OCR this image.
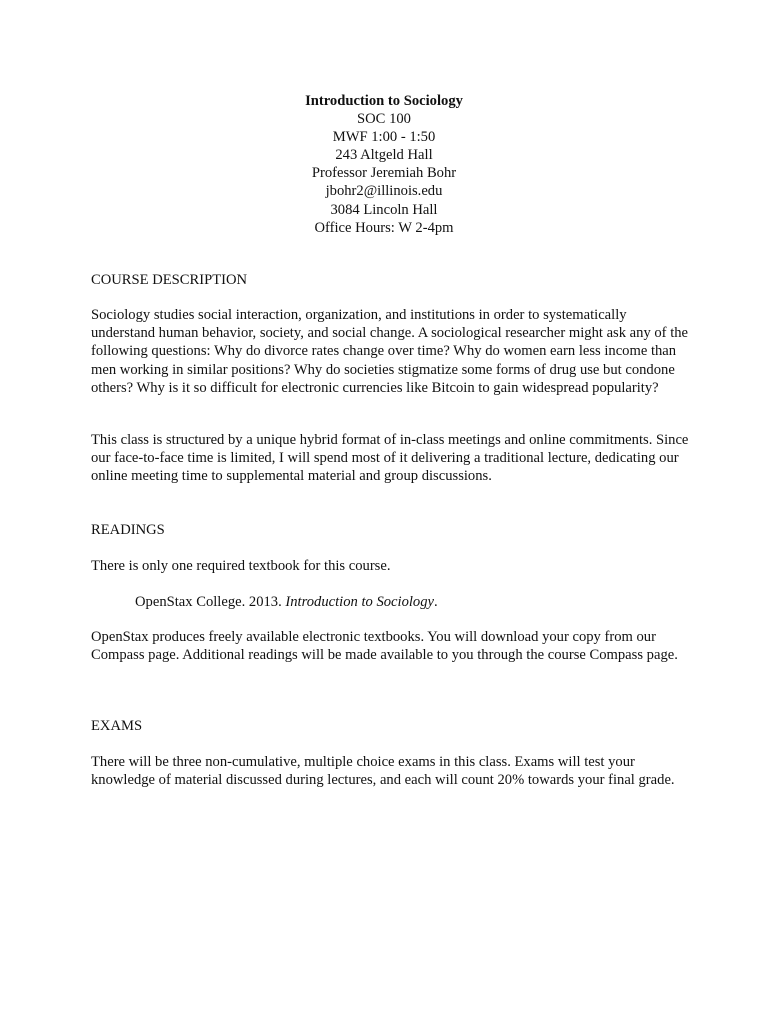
Introduction to Sociology
SOC 100
MWF 1:00 - 1:50
243 Altgeld Hall
Professor Jeremiah Bohr
jbohr2@illinois.edu
3084 Lincoln Hall
Office Hours: W 2-4pm
COURSE DESCRIPTION

Sociology studies social interaction, organization, and institutions in order to systematically understand human behavior, society, and social change. A sociological researcher might ask any of the following questions: Why do divorce rates change over time? Why do women earn less income than men working in similar positions? Why do societies stigmatize some forms of drug use but condone others? Why is it so difficult for electronic currencies like Bitcoin to gain widespread popularity?

This class is structured by a unique hybrid format of in-class meetings and online commitments. Since our face-to-face time is limited, I will spend most of it delivering a traditional lecture, dedicating our online meeting time to supplemental material and group discussions.

READINGS
There is only one required textbook for this course.
OpenStax College. 2013. Introduction to Sociology.

OpenStax produces freely available electronic textbooks. You will download your copy from our Compass page. Additional readings will be made available to you through the course Compass page.

EXAMS

There will be three non-cumulative, multiple choice exams in this class. Exams will test your knowledge of material discussed during lectures, and each will count 20% towards your final grade.
